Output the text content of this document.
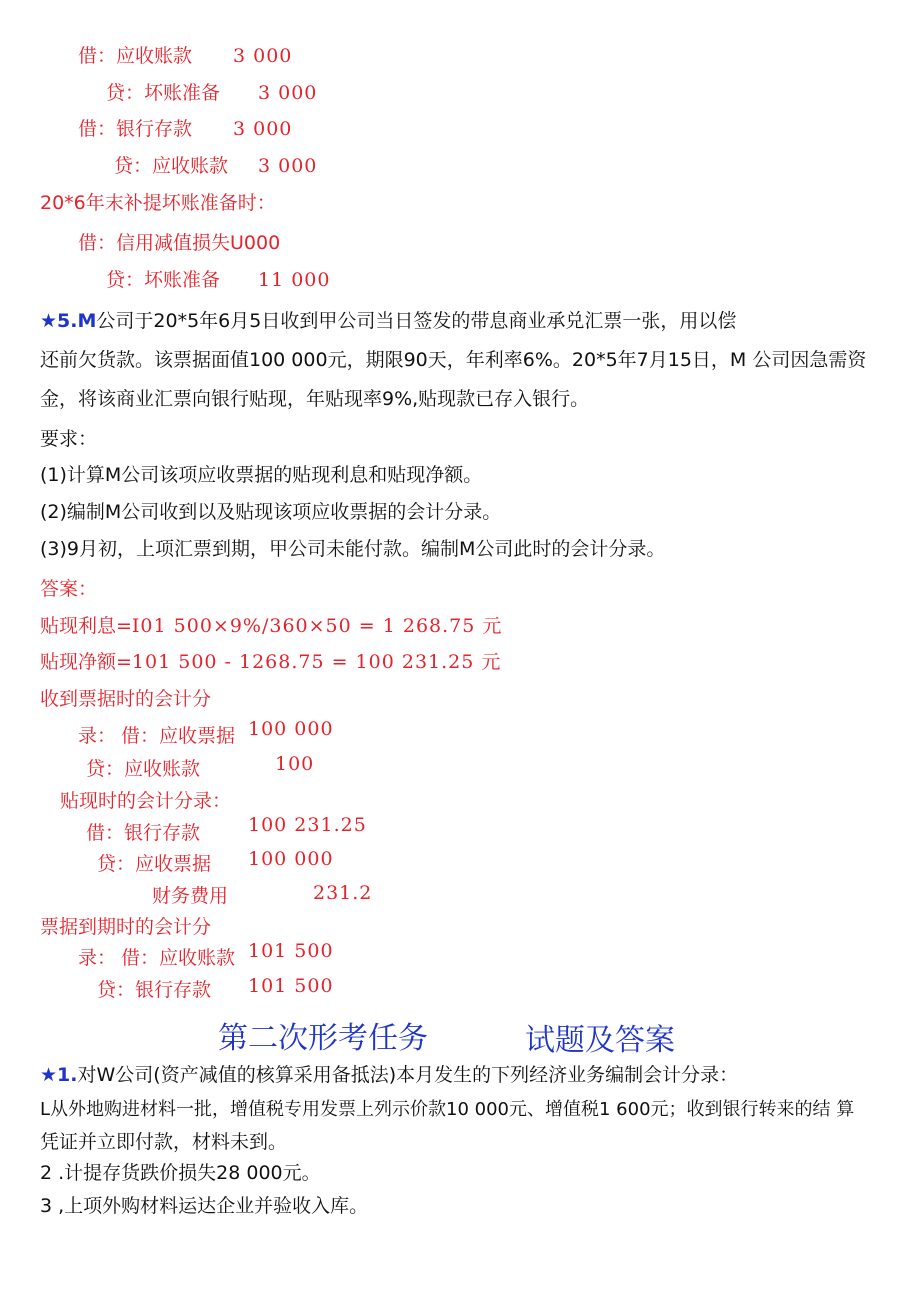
借：应收账款 3 000
贷：坏账准备 3 000
借：银行存款 3 000
贷：应收账款 3 000
20*6年末补提坏账准备时：
借：信用减值损失U000
贷：坏账准备 11 000
★5.M公司于20*5年6月5日收到甲公司当日签发的带息商业承兑汇票一张，用以偿
还前欠货款。该票据面值100 000元，期限90天，年利率6%。20*5年7月15日，M 公司因急需资
金，将该商业汇票向银行贴现，年贴现率9%,贴现款已存入银行。
要求：
(1)计算M公司该项应收票据的贴现利息和贴现净额。
(2)编制M公司收到以及贴现该项应收票据的会计分录。
(3)9月初，上项汇票到期，甲公司未能付款。编制M公司此时的会计分录。
答案：
贴现利息=I01 500×9%/360×50 = 1 268.75 元
贴现净额=101 500 - 1268.75 = 100 231.25 元
收到票据时的会计分
录： 借：应收票据 100 000
贷：应收账款	100
贴现时的会计分录：
借：银行存款	100 231.25
贷：应收票据 100 000
财务费用	231.2
票据到期时的会计分
录： 借：应收账款 101 500
贷：银行存款 101 500
第二次形考任务	试题及答案
★1.对W公司(资产减值的核算采用备抵法)本月发生的下列经济业务编制会计分录：
L从外地购进材料一批，增值税专用发票上列示价款10 000元、增值税1 600元；收到银行转来的结 算
凭证并立即付款，材料未到。
2 .计提存货跌价损失28 000元。
3 ,上项外购材料运达企业并验收入库。
